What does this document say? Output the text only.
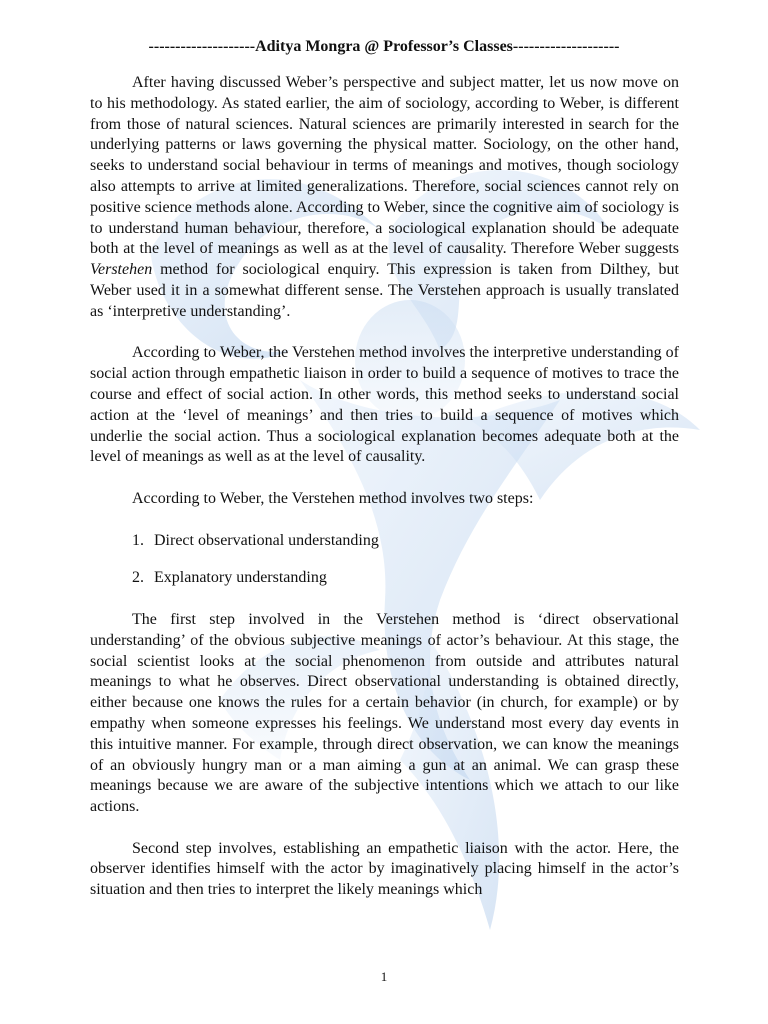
--------------------Aditya Mongra @ Professor’s Classes--------------------

After having discussed Weber’s perspective and subject matter, let us now move on to his methodology. As stated earlier, the aim of sociology, according to Weber, is different from those of natural sciences. Natural sciences are primarily interested in search for the underlying patterns or laws governing the physical matter. Sociology, on the other hand, seeks to understand social behaviour in terms of meanings and motives, though sociology also attempts to arrive at limited generalizations. Therefore, social sciences cannot rely on positive science methods alone. According to Weber, since the cognitive aim of sociology is to understand human behaviour, therefore, a sociological explanation should be adequate both at the level of meanings as well as at the level of causality. Therefore Weber suggests Verstehen method for sociological enquiry. This expression is taken from Dilthey, but Weber used it in a somewhat different sense. The Verstehen approach is usually translated as ‘interpretive understanding’.

According to Weber, the Verstehen method involves the interpretive understanding of social action through empathetic liaison in order to build a sequence of motives to trace the course and effect of social action. In other words, this method seeks to understand social action at the ‘level of meanings’ and then tries to build a sequence of motives which underlie the social action. Thus a sociological explanation becomes adequate both at the level of meanings as well as at the level of causality.

According to Weber, the Verstehen method involves two steps:

1. Direct observational understanding

2. Explanatory understanding

The first step involved in the Verstehen method is ‘direct observational understanding’ of the obvious subjective meanings of actor’s behaviour. At this stage, the social scientist looks at the social phenomenon from outside and attributes natural meanings to what he observes. Direct observational understanding is obtained directly, either because one knows the rules for a certain behavior (in church, for example) or by empathy when someone expresses his feelings. We understand most every day events in this intuitive manner. For example, through direct observation, we can know the meanings of an obviously hungry man or a man aiming a gun at an animal. We can grasp these meanings because we are aware of the subjective intentions which we attach to our like actions.

Second step involves, establishing an empathetic liaison with the actor. Here, the observer identifies himself with the actor by imaginatively placing himself in the actor’s situation and then tries to interpret the likely meanings which

1
